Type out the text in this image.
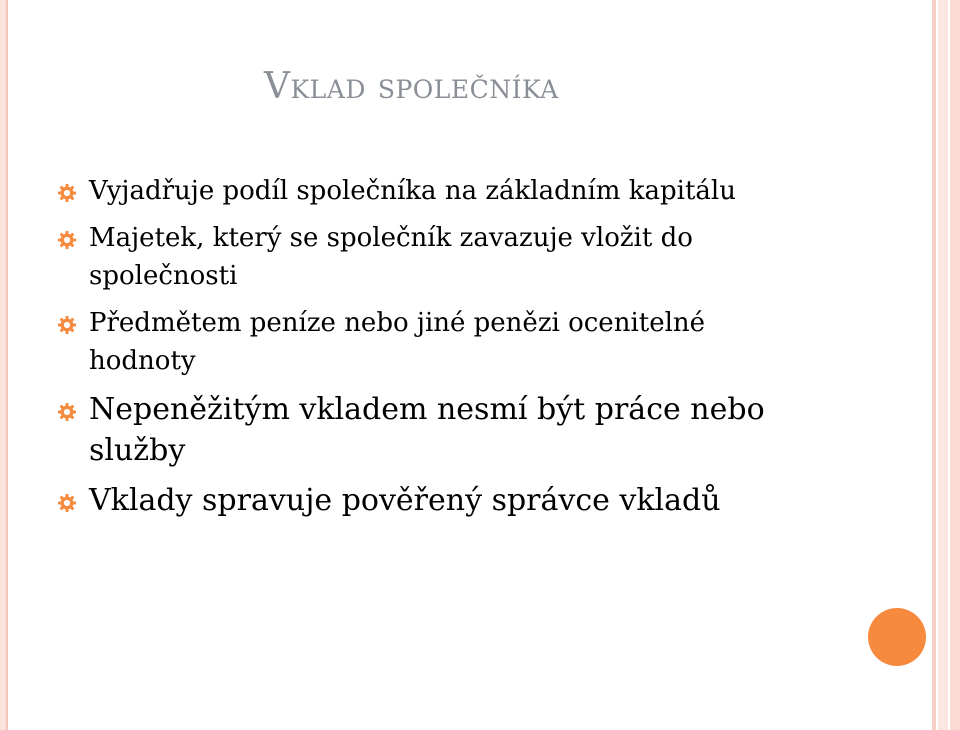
Vklad společníka
Vyjadřuje podíl společníka na základním kapitálu
Majetek, který se společník zavazuje vložit do společnosti
Předmětem peníze nebo jiné penězi ocenitelné hodnoty
Nepeněžitým vkladem nesmí být práce nebo služby
Vklady spravuje pověřený správce vkladů
